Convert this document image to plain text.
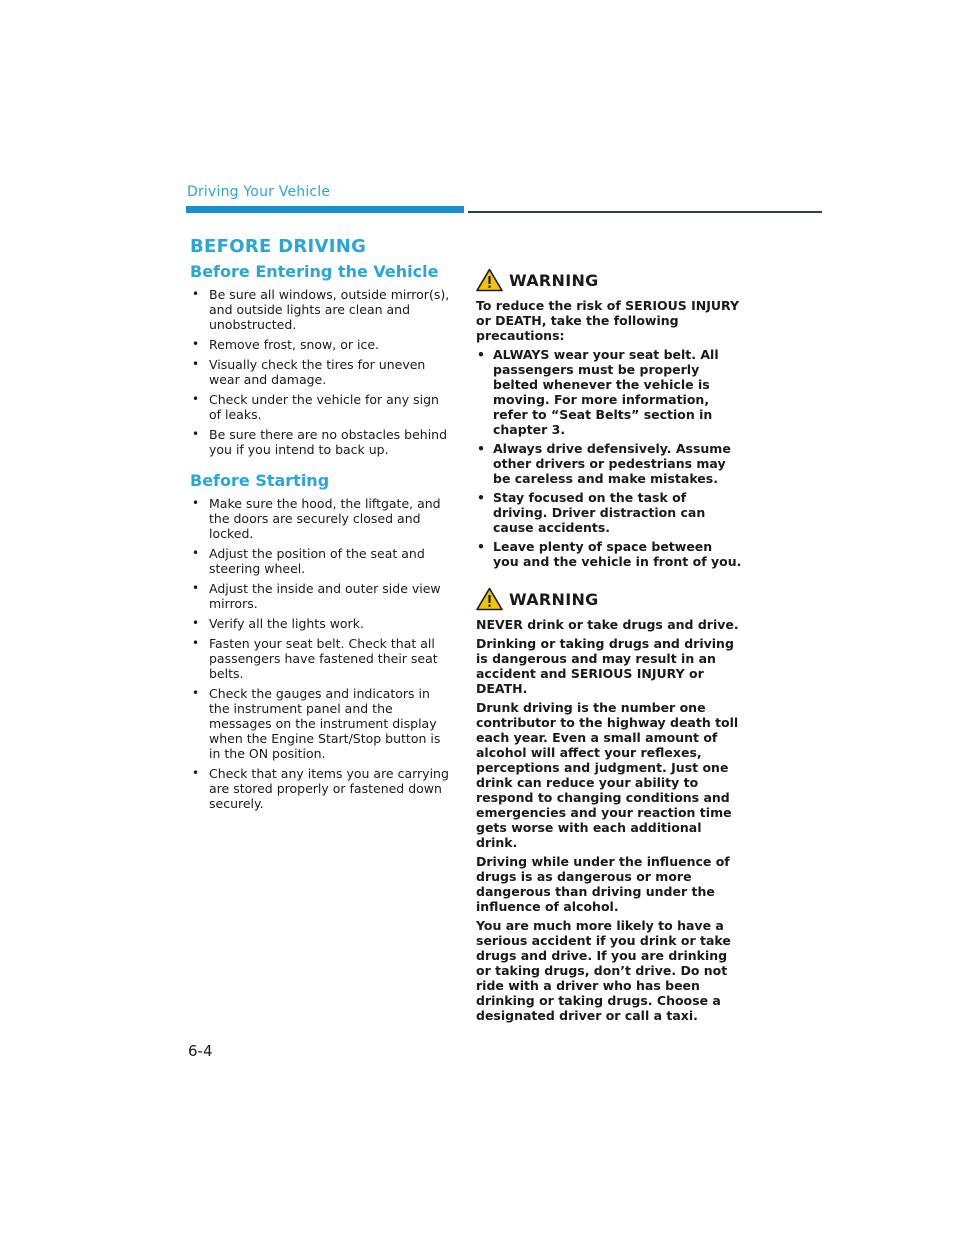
Driving Your Vehicle
BEFORE DRIVING
Before Entering the Vehicle
• Be sure all windows, outside mirror(s), and outside lights are clean and unobstructed.
• Remove frost, snow, or ice.
• Visually check the tires for uneven wear and damage.
• Check under the vehicle for any sign of leaks.
• Be sure there are no obstacles behind you if you intend to back up.
Before Starting
• Make sure the hood, the liftgate, and the doors are securely closed and locked.
• Adjust the position of the seat and steering wheel.
• Adjust the inside and outer side view mirrors.
• Verify all the lights work.
• Fasten your seat belt. Check that all passengers have fastened their seat belts.
• Check the gauges and indicators in the instrument panel and the messages on the instrument display when the Engine Start/Stop button is in the ON position.
• Check that any items you are carrying are stored properly or fastened down securely.
WARNING

To reduce the risk of SERIOUS INJURY or DEATH, take the following precautions:

• ALWAYS wear your seat belt. All passengers must be properly belted whenever the vehicle is moving. For more information, refer to “Seat Belts” section in chapter 3.
• Always drive defensively. Assume other drivers or pedestrians may be careless and make mistakes.
• Stay focused on the task of driving. Driver distraction can cause accidents.
• Leave plenty of space between you and the vehicle in front of you.
WARNING

NEVER drink or take drugs and drive.

Drinking or taking drugs and driving is dangerous and may result in an accident and SERIOUS INJURY or DEATH.

Drunk driving is the number one contributor to the highway death toll each year. Even a small amount of alcohol will affect your reflexes, perceptions and judgment. Just one drink can reduce your ability to respond to changing conditions and emergencies and your reaction time gets worse with each additional drink.

Driving while under the influence of drugs is as dangerous or more dangerous than driving under the influence of alcohol.

You are much more likely to have a serious accident if you drink or take drugs and drive. If you are drinking or taking drugs, don’t drive. Do not ride with a driver who has been drinking or taking drugs. Choose a designated driver or call a taxi.

6-4
